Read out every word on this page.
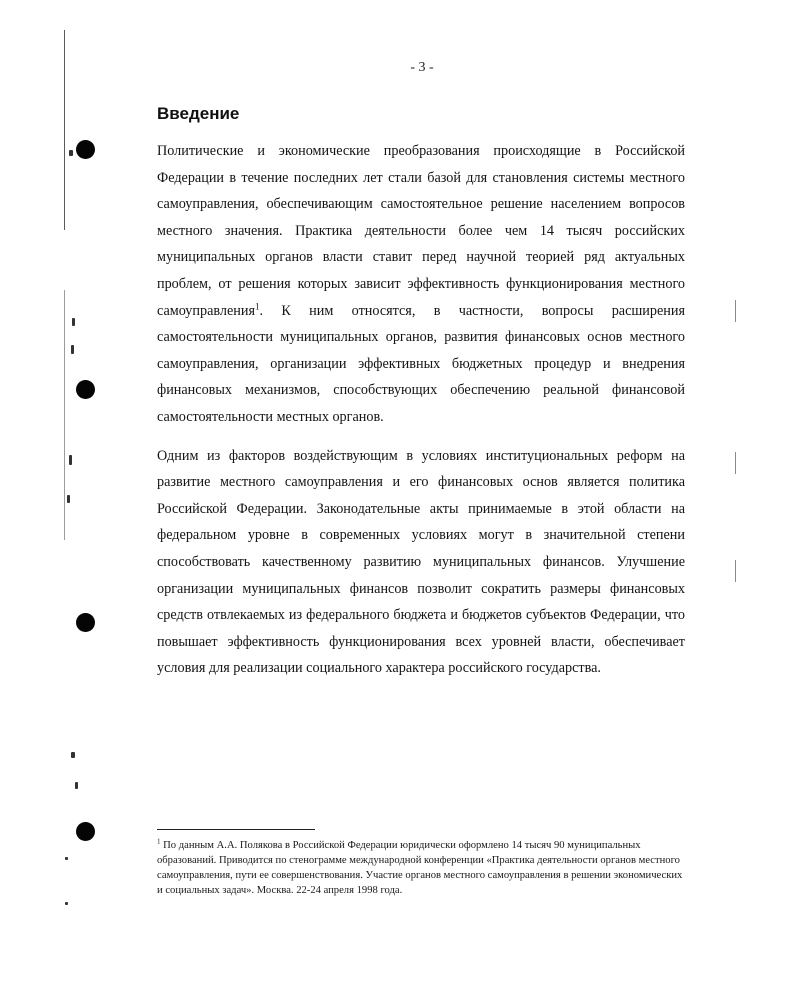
- 3 -
Введение

Политические и экономические преобразования происходящие в Российской Федерации в течение последних лет стали базой для становления системы местного самоуправления, обеспечивающим самостоятельное решение населением вопросов местного значения. Практика деятельности более чем 14 тысяч российских муниципальных органов власти ставит перед научной теорией ряд актуальных проблем, от решения которых зависит эффективность функционирования местного самоуправления$^1$. К ним относятся, в частности, вопросы расширения самостоятельности муниципальных органов, развития финансовых основ местного самоуправления, организации эффективных бюджетных процедур и внедрения финансовых механизмов, способствующих обеспечению реальной финансовой самостоятельности местных органов.

Одним из факторов воздействующим в условиях институциональных реформ на развитие местного самоуправления и его финансовых основ является политика Российской Федерации. Законодательные акты принимаемые в этой области на федеральном уровне в современных условиях могут в значительной степени способствовать качественному развитию муниципальных финансов. Улучшение организации муниципальных финансов позволит сократить размеры финансовых средств отвлекаемых из федерального бюджета и бюджетов субъектов Федерации, что повышает эффективность функционирования всех уровней власти, обеспечивает условия для реализации социального характера российского государства.

$^1$ По данным А.А. Полякова в Российской Федерации юридически оформлено 14 тысяч 90 муниципальных образований. Приводится по стенограмме международной конференции «Практика деятельности органов местного самоуправления, пути ее совершенствования. Участие органов местного самоуправления в решении экономических и социальных задач». Москва. 22-24 апреля 1998 года.
